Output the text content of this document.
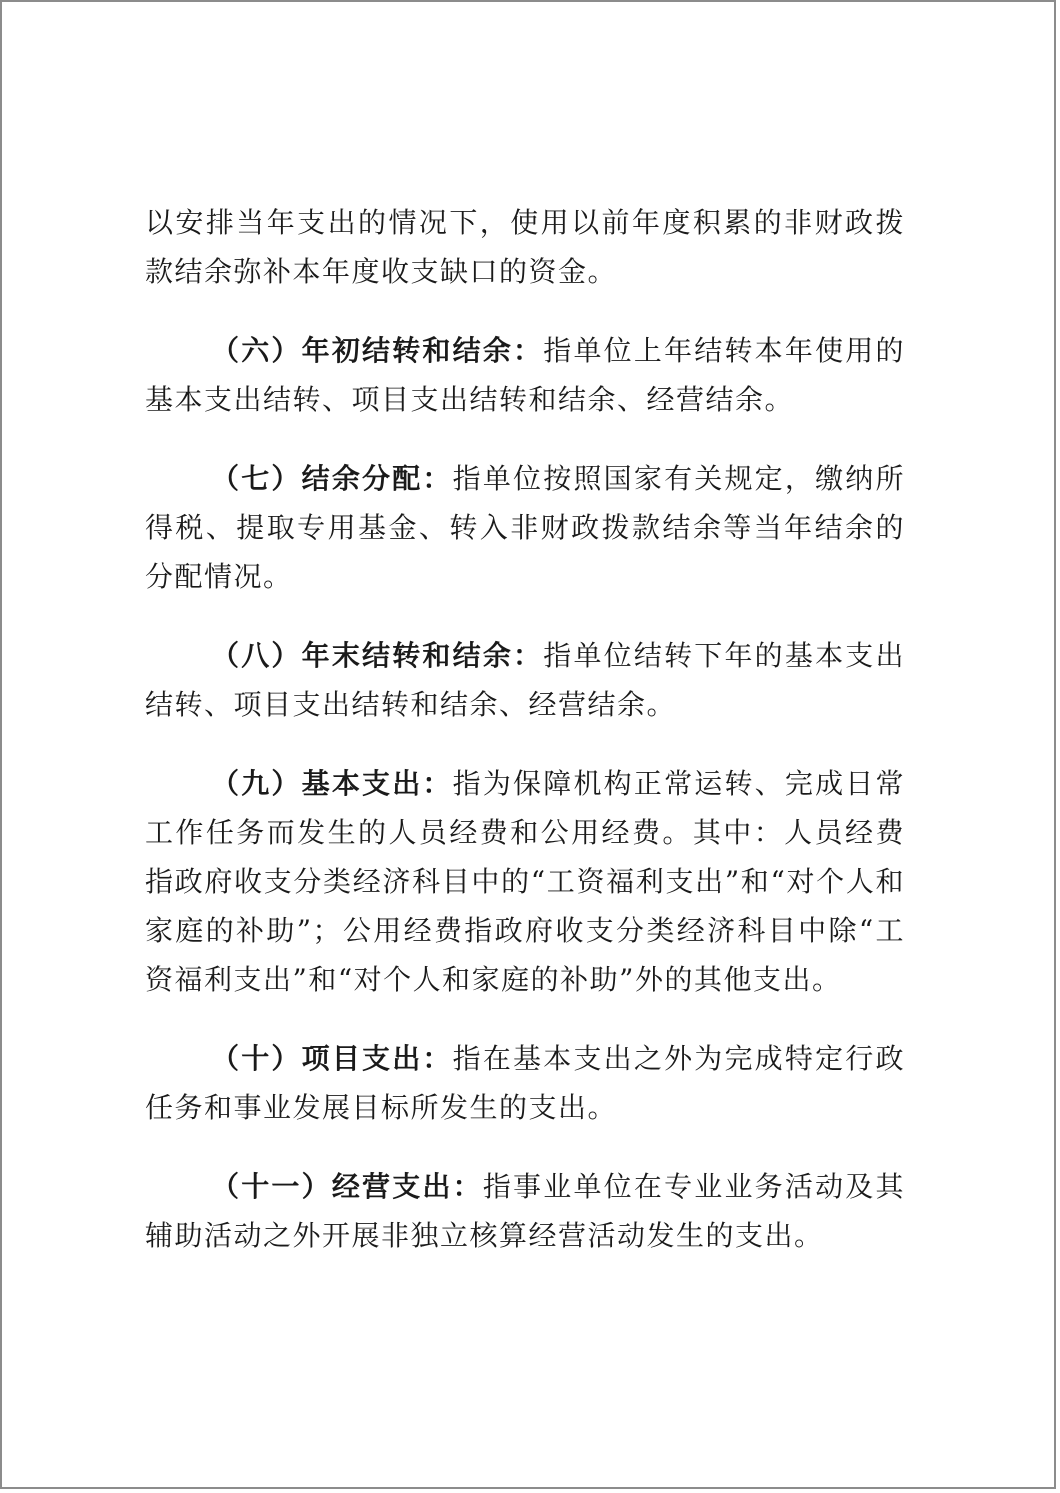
以安排当年支出的情况下，使用以前年度积累的非财政拨款结余弥补本年度收支缺口的资金。

（六）年初结转和结余：指单位上年结转本年使用的基本支出结转、项目支出结转和结余、经营结余。

（七）结余分配：指单位按照国家有关规定，缴纳所得税、提取专用基金、转入非财政拨款结余等当年结余的分配情况。

（八）年末结转和结余：指单位结转下年的基本支出结转、项目支出结转和结余、经营结余。

（九）基本支出：指为保障机构正常运转、完成日常工作任务而发生的人员经费和公用经费。其中：人员经费指政府收支分类经济科目中的“工资福利支出”和“对个人和家庭的补助”；公用经费指政府收支分类经济科目中除“工资福利支出”和“对个人和家庭的补助”外的其他支出。

（十）项目支出：指在基本支出之外为完成特定行政任务和事业发展目标所发生的支出。

（十一）经营支出：指事业单位在专业业务活动及其辅助活动之外开展非独立核算经营活动发生的支出。
